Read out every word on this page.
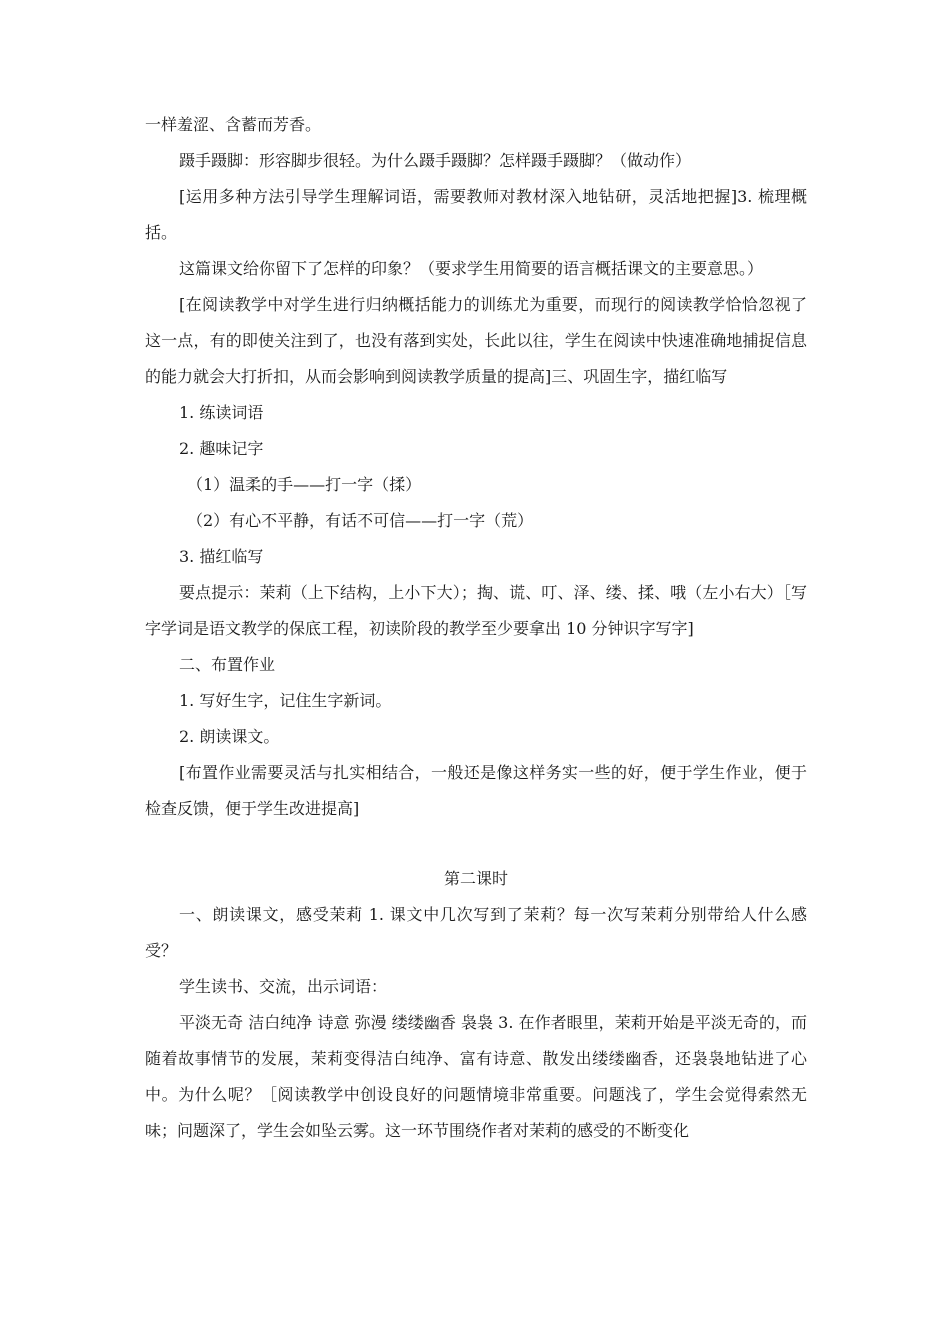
一样羞涩、含蓄而芳香。

蹑手蹑脚：形容脚步很轻。为什么蹑手蹑脚？怎样蹑手蹑脚？（做动作）

[运用多种方法引导学生理解词语，需要教师对教材深入地钻研，灵活地把握]3. 梳理概括。

这篇课文给你留下了怎样的印象？（要求学生用简要的语言概括课文的主要意思。）

[在阅读教学中对学生进行归纳概括能力的训练尤为重要，而现行的阅读教学恰恰忽视了这一点，有的即使关注到了，也没有落到实处，长此以往，学生在阅读中快速准确地捕捉信息的能力就会大打折扣，从而会影响到阅读教学质量的提高]三、巩固生字，描红临写

1. 练读词语

2. 趣味记字

（1）温柔的手——打一字（揉）

（2）有心不平静，有话不可信——打一字（荒）

3. 描红临写

要点提示：茉莉（上下结构，上小下大）；掏、谎、叮、泽、缕、揉、哦（左小右大）［写字学词是语文教学的保底工程，初读阶段的教学至少要拿出 10 分钟识字写字]

二、布置作业

1. 写好生字，记住生字新词。

2. 朗读课文。

[布置作业需要灵活与扎实相结合，一般还是像这样务实一些的好，便于学生作业，便于检查反馈，便于学生改进提高]

第二课时

一、朗读课文，感受茉莉 1. 课文中几次写到了茉莉？每一次写茉莉分别带给人什么感受？

学生读书、交流，出示词语：

平淡无奇 洁白纯净 诗意 弥漫 缕缕幽香 袅袅 3. 在作者眼里，茉莉开始是平淡无奇的，而随着故事情节的发展，茉莉变得洁白纯净、富有诗意、散发出缕缕幽香，还袅袅地钻进了心中。为什么呢？［阅读教学中创设良好的问题情境非常重要。问题浅了，学生会觉得索然无味；问题深了，学生会如坠云雾。这一环节围绕作者对茉莉的感受的不断变化
